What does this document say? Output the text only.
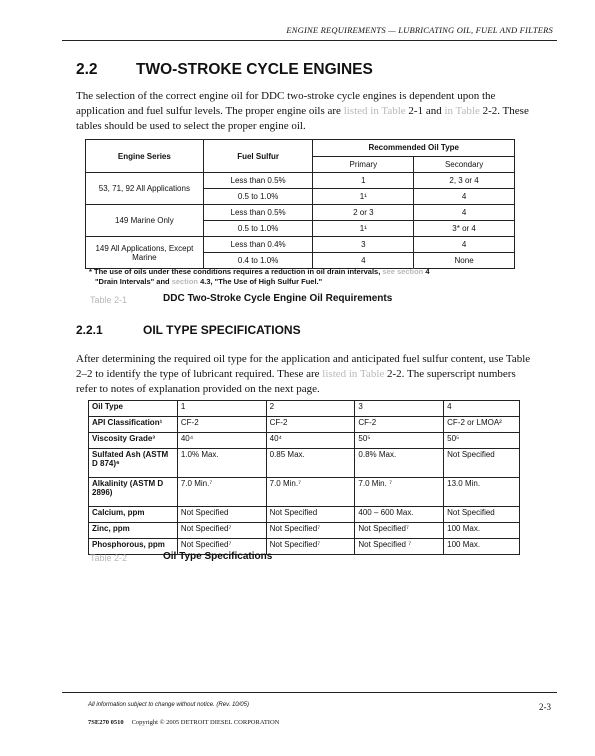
ENGINE REQUIREMENTS — LUBRICATING OIL, FUEL AND FILTERS
2.2 TWO-STROKE CYCLE ENGINES
The selection of the correct engine oil for DDC two-stroke cycle engines is dependent upon the application and fuel sulfur levels. The proper engine oils are listed in Table 2-1 and in Table 2-2. These tables should be used to select the proper engine oil.
Engine Series	Fuel Sulfur	Recommended Oil Type	
		Primary	Secondary
53, 71, 92 All Applications	Less than 0.5%	1	2, 3 or 4
	0.5 to 1.0%	1¹	4
149 Marine Only	Less than 0.5%	2 or 3	4
	0.5 to 1.0%	1¹	3* or 4
149 All Applications, Except Marine	Less than 0.4%	3	4
	0.4 to 1.0%	4	None
* The use of oils under these conditions requires a reduction in oil drain intervals, see section 4
"Drain Intervals" and section 4.3, "The Use of High Sulfur Fuel."
Table 2-1	DDC Two-Stroke Cycle Engine Oil Requirements
2.2.1	OIL TYPE SPECIFICATIONS
After determining the required oil type for the application and anticipated fuel sulfur content, use Table 2–2 to identify the type of lubricant required. These are listed in Table 2-2. The superscript numbers refer to notes of explanation provided on the next page.
Oil Type	1	2	3	4
API Classification¹	CF-2	CF-2	CF-2	CF-2 or LMOA²
Viscosity Grade³	40⁴	40⁴	50⁵	50⁵
Sulfated Ash (ASTM D 874)⁶	1.0% Max.	0.85 Max.	0.8% Max.	Not Specified
Alkalinity (ASTM D 2896)	7.0 Min.⁷	7.0 Min.⁷	7.0 Min. ⁷	13.0 Min.
Calcium, ppm	Not Specified	Not Specified	400 – 600 Max.	Not Specified
Zinc, ppm	Not Specified⁷	Not Specified⁷	Not Specified⁷	100 Max.
Phosphorous, ppm	Not Specified⁷	Not Specified⁷	Not Specified ⁷	100 Max.
Table 2-2	Oil Type Specifications
All information subject to change without notice. (Rev. 10/05)
7SE270 0510 Copyright © 2005 DETROIT DIESEL CORPORATION
2-3
